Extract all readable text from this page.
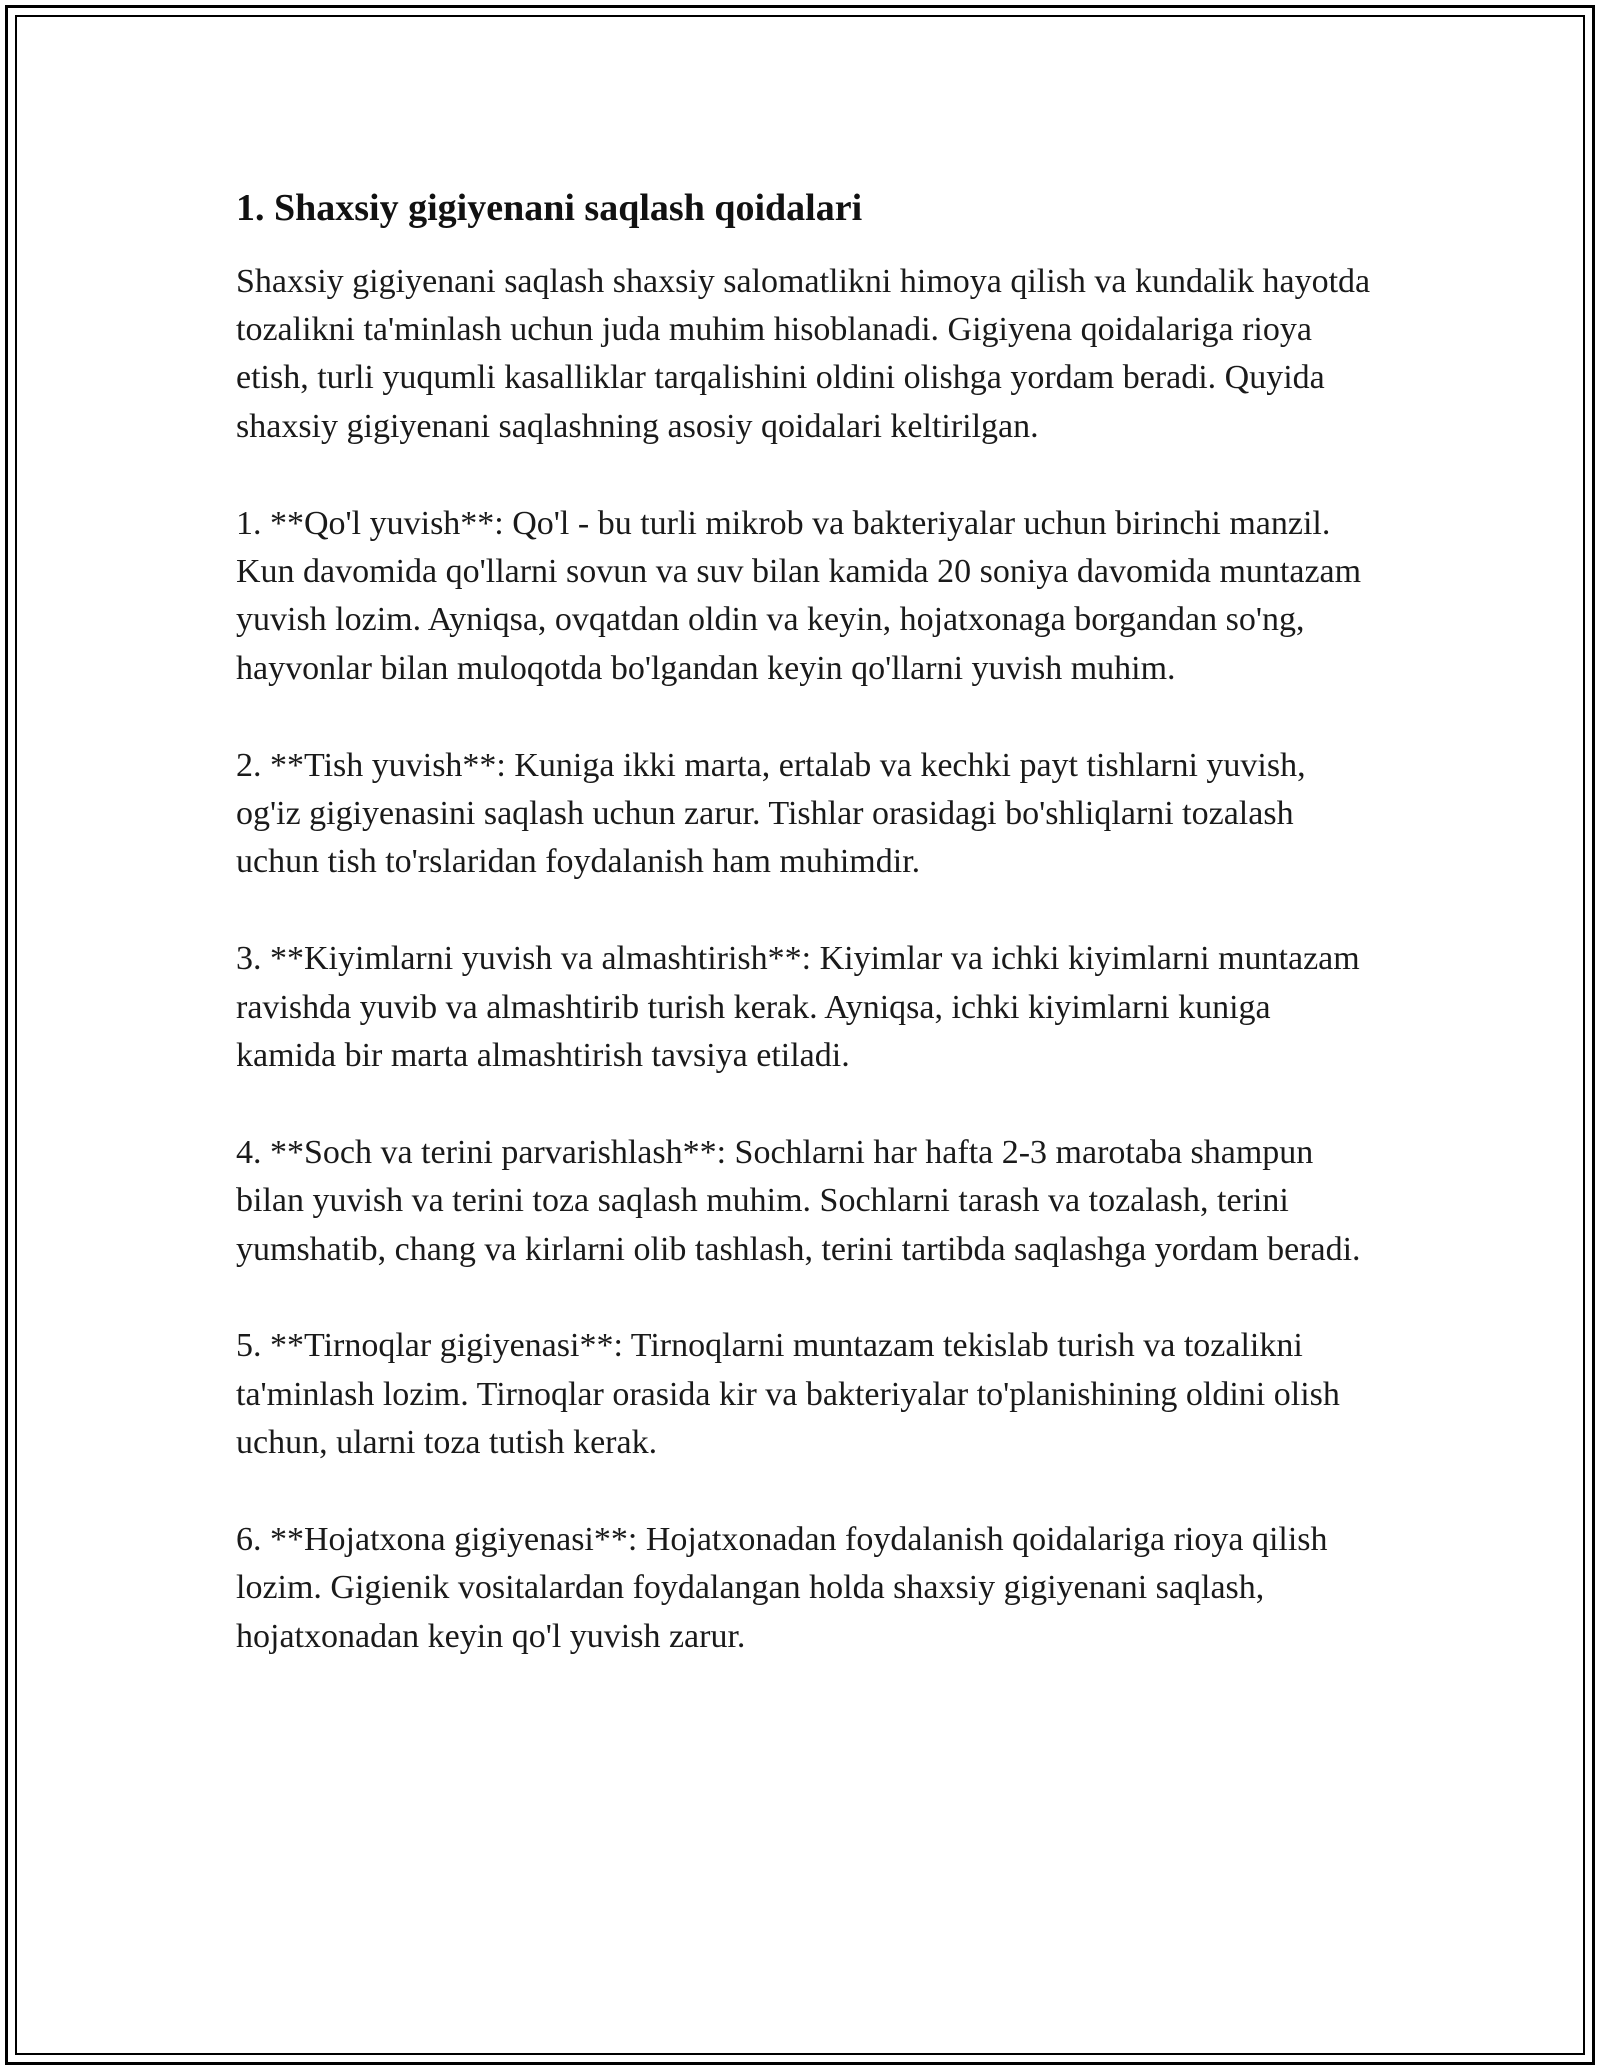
1. Shaxsiy gigiyenani saqlash qoidalari

Shaxsiy gigiyenani saqlash shaxsiy salomatlikni himoya qilish va kundalik hayotda tozalikni ta'minlash uchun juda muhim hisoblanadi. Gigiyena qoidalariga rioya etish, turli yuqumli kasalliklar tarqalishini oldini olishga yordam beradi. Quyida shaxsiy gigiyenani saqlashning asosiy qoidalari keltirilgan.

1. **Qo'l yuvish**: Qo'l - bu turli mikrob va bakteriyalar uchun birinchi manzil. Kun davomida qo'llarni sovun va suv bilan kamida 20 soniya davomida muntazam yuvish lozim. Ayniqsa, ovqatdan oldin va keyin, hojatxonaga borgandan so'ng, hayvonlar bilan muloqotda bo'lgandan keyin qo'llarni yuvish muhim.

2. **Tish yuvish**: Kuniga ikki marta, ertalab va kechki payt tishlarni yuvish, og'iz gigiyenasini saqlash uchun zarur. Tishlar orasidagi bo'shliqlarni tozalash uchun tish to'rslaridan foydalanish ham muhimdir.

3. **Kiyimlarni yuvish va almashtirish**: Kiyimlar va ichki kiyimlarni muntazam ravishda yuvib va almashtirib turish kerak. Ayniqsa, ichki kiyimlarni kuniga kamida bir marta almashtirish tavsiya etiladi.

4. **Soch va terini parvarishlash**: Sochlarni har hafta 2-3 marotaba shampun bilan yuvish va terini toza saqlash muhim. Sochlarni tarash va tozalash, terini yumshatib, chang va kirlarni olib tashlash, terini tartibda saqlashga yordam beradi.

5. **Tirnoqlar gigiyenasi**: Tirnoqlarni muntazam tekislab turish va tozalikni ta'minlash lozim. Tirnoqlar orasida kir va bakteriyalar to'planishining oldini olish uchun, ularni toza tutish kerak.

6. **Hojatxona gigiyenasi**: Hojatxonadan foydalanish qoidalariga rioya qilish lozim. Gigienik vositalardan foydalangan holda shaxsiy gigiyenani saqlash, hojatxonadan keyin qo'l yuvish zarur.
